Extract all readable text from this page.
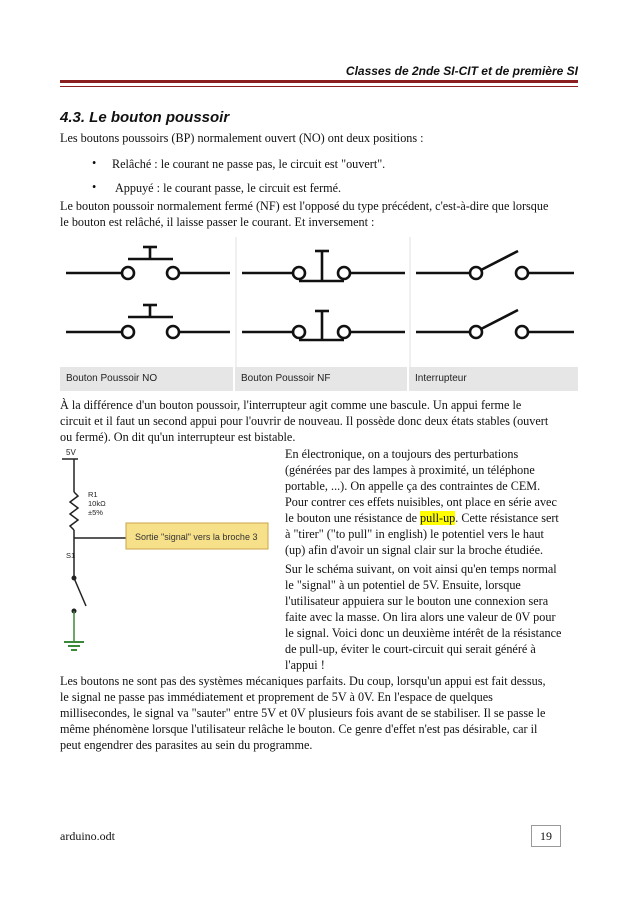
Classes de 2nde SI-CIT et de première SI
4.3. Le bouton poussoir
Les boutons poussoirs (BP) normalement ouvert (NO) ont deux positions :
• Relâché : le courant ne passe pas, le circuit est "ouvert".
• Appuyé : le courant passe, le circuit est fermé.
Le bouton poussoir normalement fermé (NF) est l'opposé du type précédent, c'est-à-dire que lorsque
le bouton est relâché, il laisse passer le courant. Et inversement :
Bouton Poussoir NO	Bouton Poussoir NF	Interrupteur
À la différence d'un bouton poussoir, l'interrupteur agit comme une bascule. Un appui ferme le
circuit et il faut un second appui pour l'ouvrir de nouveau. Il possède donc deux états stables (ouvert
ou fermé). On dit qu'un interrupteur est bistable.
5V
R1
10kΩ
±5%
S1
Sortie "signal" vers la broche 3
En électronique, on a toujours des perturbations
(générées par des lampes à proximité, un téléphone
portable, ...). On appelle ça des contraintes de CEM.
Pour contrer ces effets nuisibles, ont place en série avec
le bouton une résistance de pull-up. Cette résistance sert
à "tirer" ("to pull" in english) le potentiel vers le haut
(up) afin d'avoir un signal clair sur la broche étudiée.
Sur le schéma suivant, on voit ainsi qu'en temps normal
le "signal" à un potentiel de 5V. Ensuite, lorsque
l'utilisateur appuiera sur le bouton une connexion sera
faite avec la masse. On lira alors une valeur de 0V pour
le signal. Voici donc un deuxième intérêt de la résistance
de pull-up, éviter le court-circuit qui serait généré à
l'appui !
Les boutons ne sont pas des systèmes mécaniques parfaits. Du coup, lorsqu'un appui est fait dessus,
le signal ne passe pas immédiatement et proprement de 5V à 0V. En l'espace de quelques
millisecondes, le signal va "sauter" entre 5V et 0V plusieurs fois avant de se stabiliser. Il se passe le
même phénomène lorsque l'utilisateur relâche le bouton. Ce genre d'effet n'est pas désirable, car il
peut engendrer des parasites au sein du programme.
arduino.odt	19
